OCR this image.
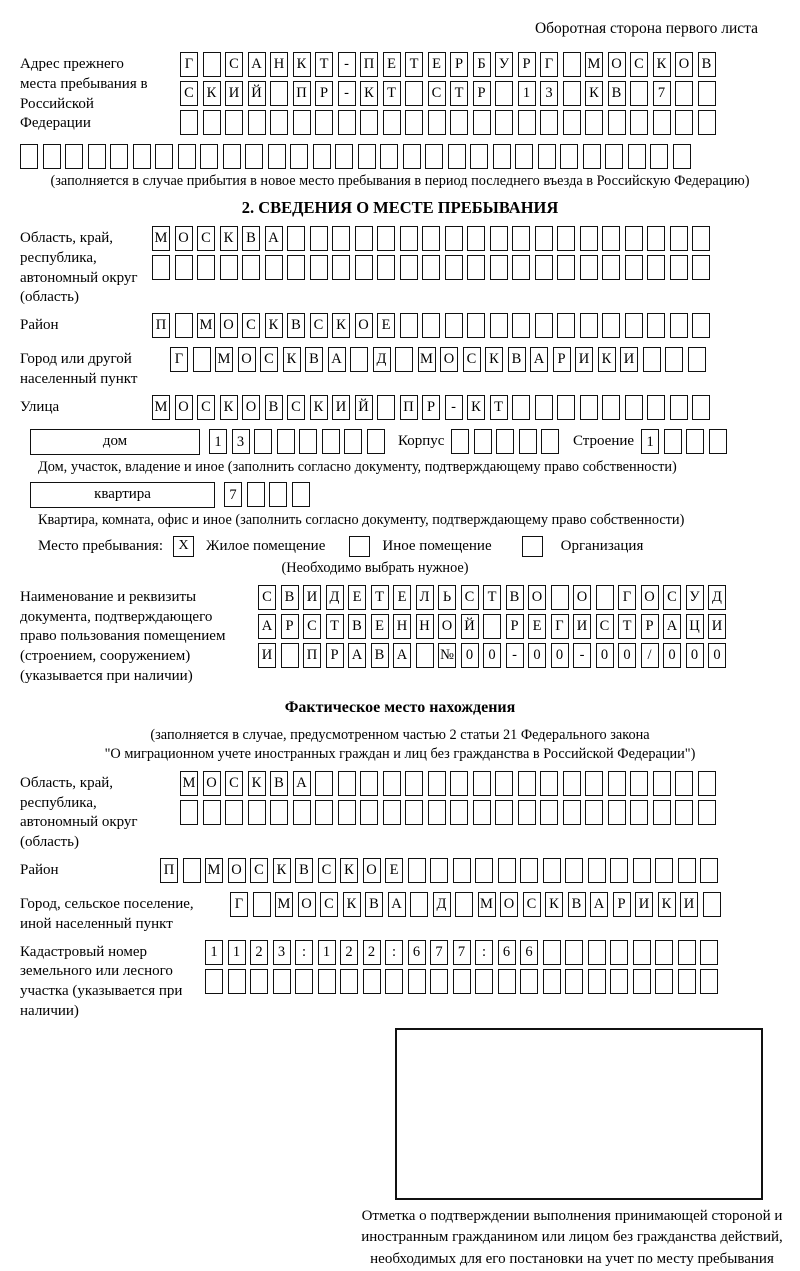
Оборотная сторона первого листа
Адрес прежнего места пребывания в Российской Федерации
Г	С А Н К Т	-	П Е Т Е Р Б У Р Г	М О С К О В
С К И Й П Р	-	К Т	С Т Р	1	3	К В	7
(заполняется в случае прибытия в новое место пребывания в период последнего въезда в Российскую Федерацию)
2. СВЕДЕНИЯ О МЕСТЕ ПРЕБЫВАНИЯ
Область, край, республика, автономный округ (область)
М О С К В А
Район	П М О С К В С К О Е
Город или другой населенный пункт
Г	М О С К В А Д М О С К В А Р И К И
Улица	М О С К О В С К И Й П Р	-	К Т
дом	1	3	Корпус	Строение 1
Дом, участок, владение и иное (заполнить согласно документу, подтверждающему право собственности)
квартира	7
Квартира, комната, офис и иное (заполнить согласно документу, подтверждающему право собственности)
Место пребывания:	X	Жилое помещение	Иное помещение	Организация
(Необходимо выбрать нужное)
Наименование и реквизиты документа, подтверждающего право пользования помещением (строением, сооружением) (указывается при наличии)
С В И Д Е Т Е Л Ь С Т В О О	Г О С У Д
А Р С Т В Е Н Н О Й	Р Е Г И С Т Р А Ц И
И П Р А В А № 0	0	-	0	0	-	0	0	/	0	0	0
Фактическое место нахождения
(заполняется в случае, предусмотренном частью 2 статьи 21 Федерального закона
"О миграционном учете иностранных граждан и лиц без гражданства в Российской Федерации")
Область, край, республика, автономный округ (область)
М О С К В А
Район	П М О С К В С К О Е
Город, сельское поселение, иной населенный пункт
Г	М О С К В А Д М О С К В А Р И К И
Кадастровый номер земельного или лесного участка (указывается при наличии)
1	1	2	3	:	1	2	2	:	6	7	7	:	6	6
Отметка о подтверждении выполнения принимающей стороной и иностранным гражданином или лицом без гражданства действий, необходимых для его постановки на учет по месту пребывания
